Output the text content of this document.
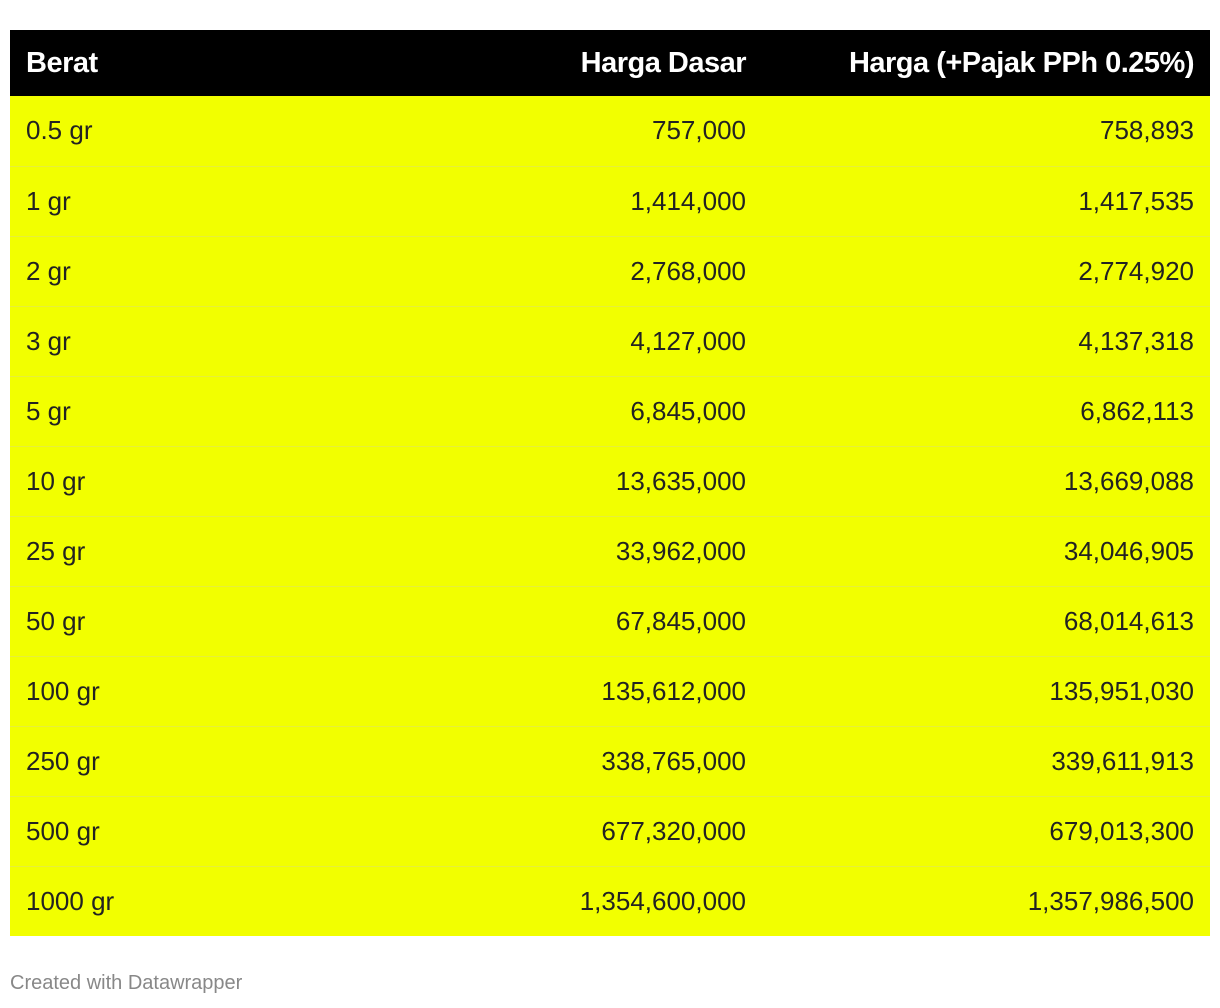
Berat	Harga Dasar	Harga (+Pajak PPh 0.25%)
0.5 gr	757,000	758,893
1 gr	1,414,000	1,417,535
2 gr	2,768,000	2,774,920
3 gr	4,127,000	4,137,318
5 gr	6,845,000	6,862,113
10 gr	13,635,000	13,669,088
25 gr	33,962,000	34,046,905
50 gr	67,845,000	68,014,613
100 gr	135,612,000	135,951,030
250 gr	338,765,000	339,611,913
500 gr	677,320,000	679,013,300
1000 gr	1,354,600,000	1,357,986,500
Created with Datawrapper
